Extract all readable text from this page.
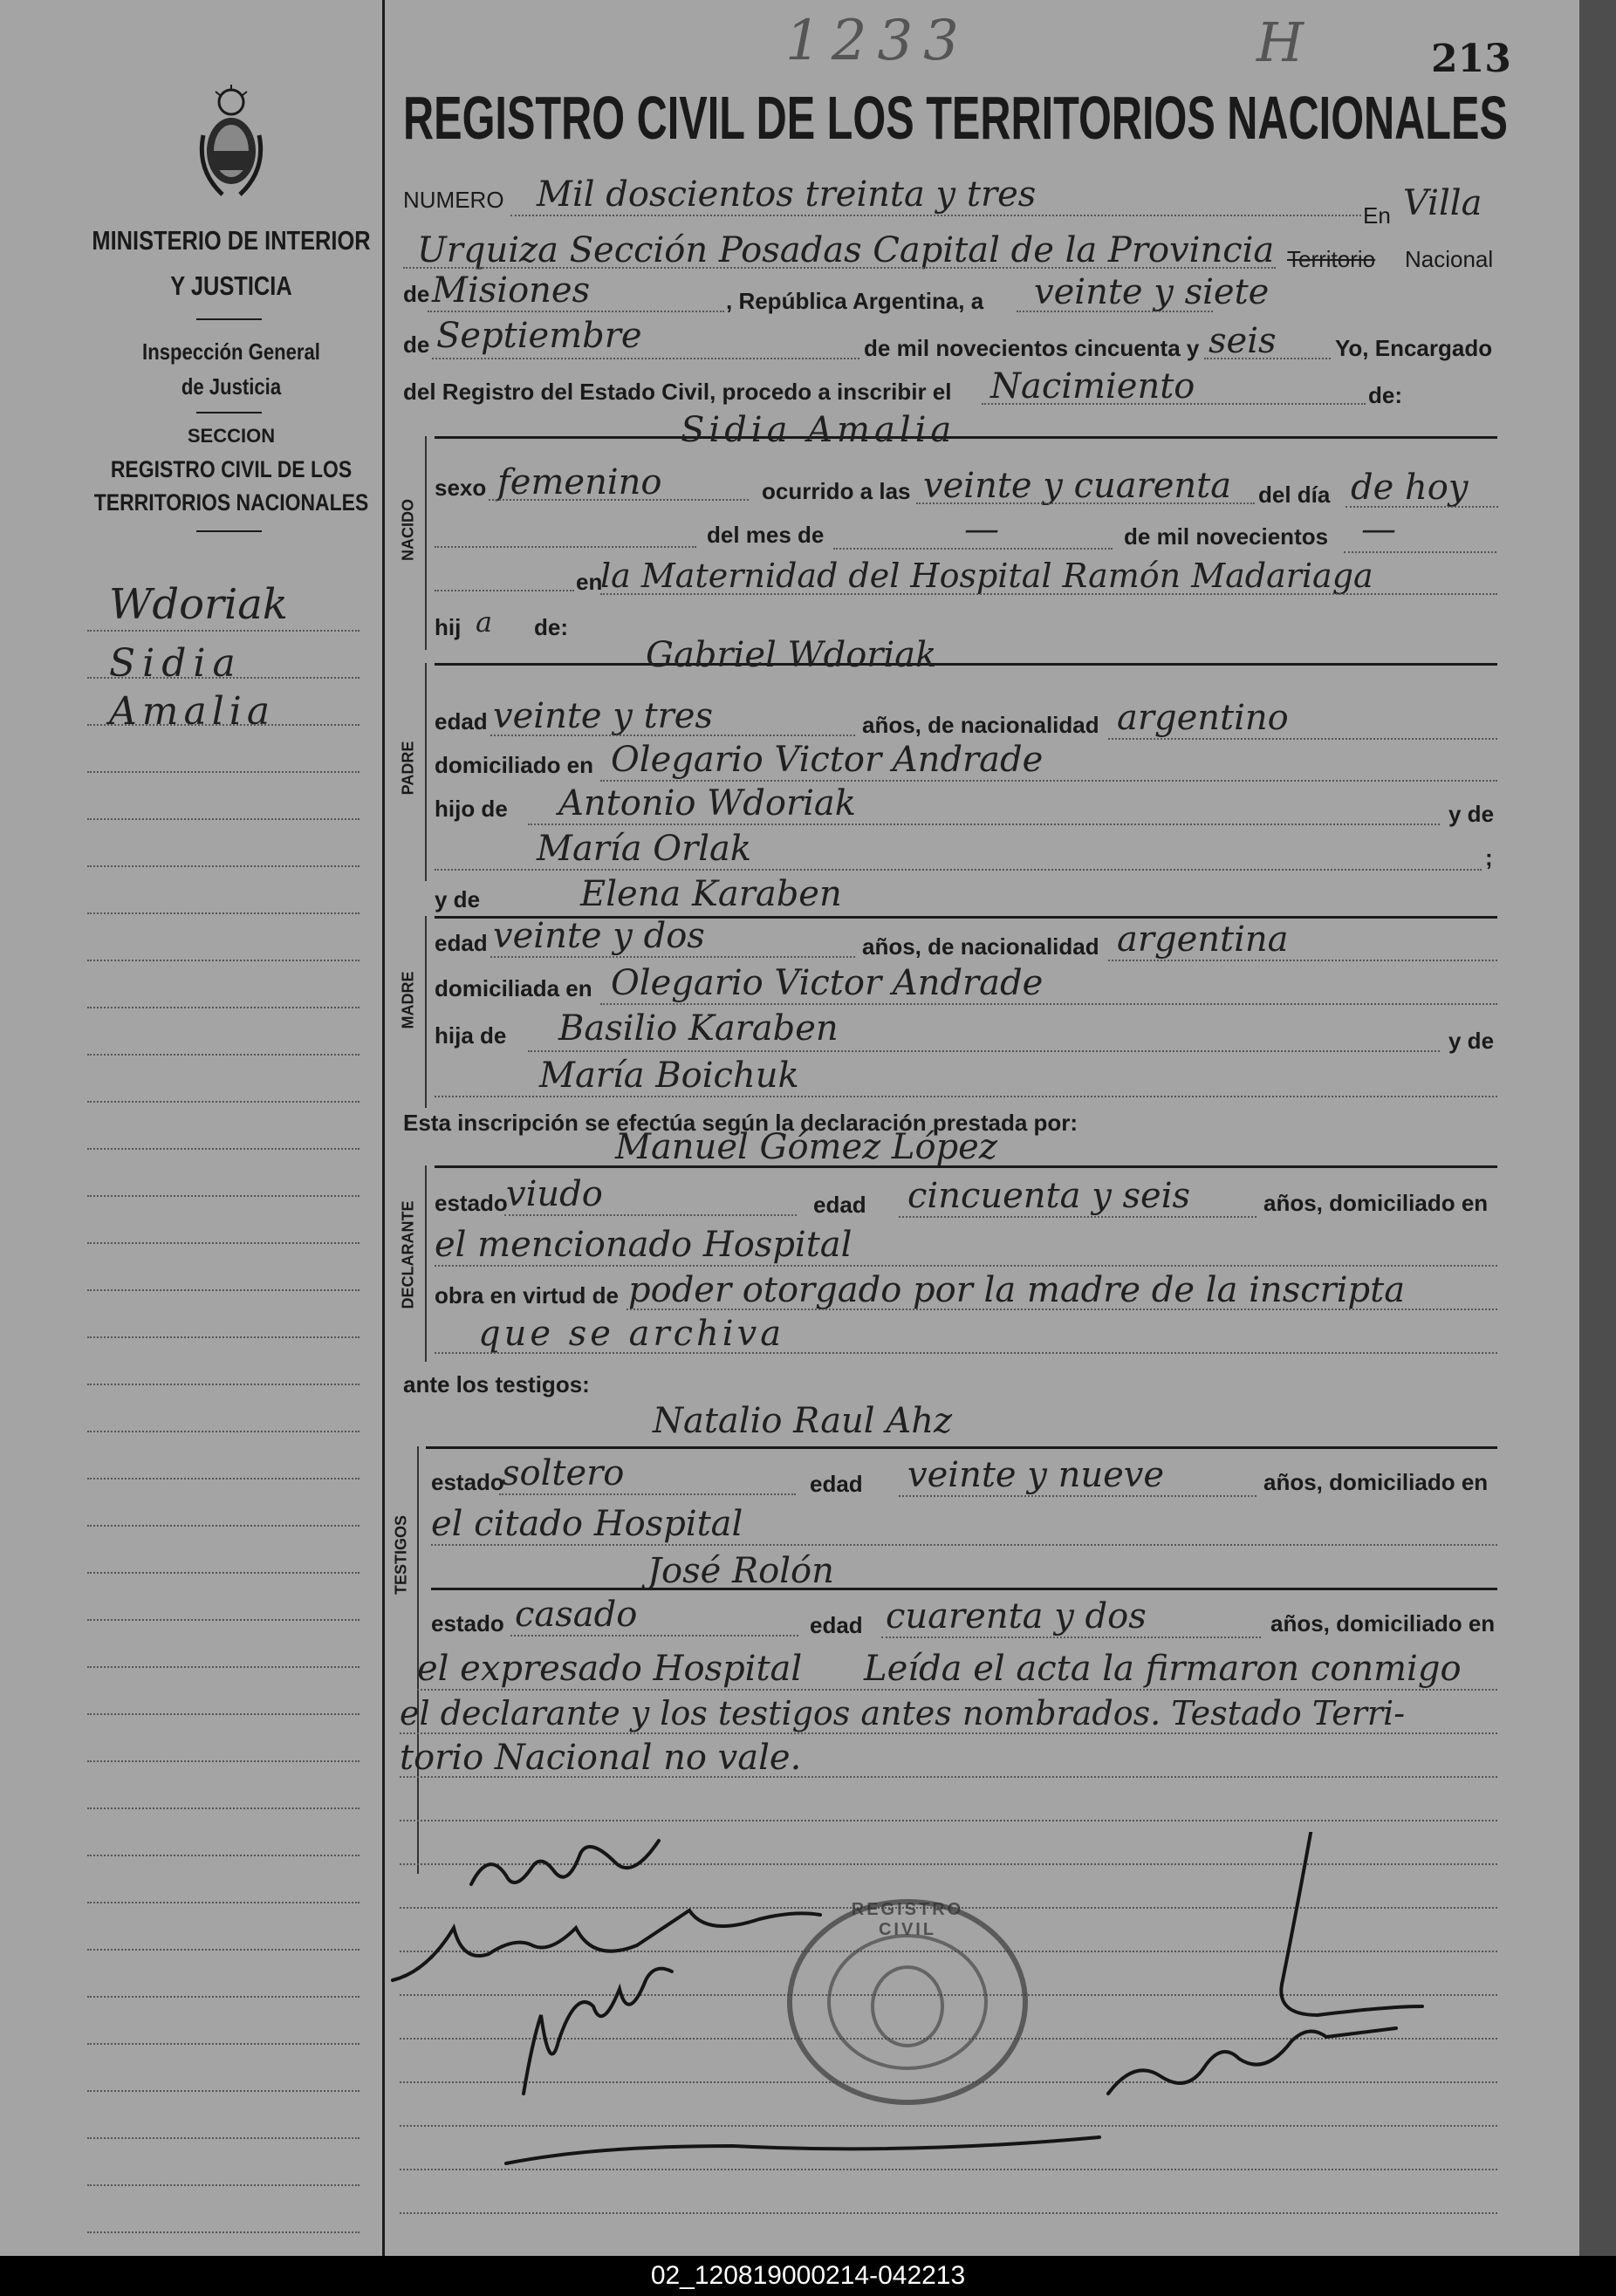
MINISTERIO DE INTERIOR
Y JUSTICIA
Inspección General
de Justicia
SECCION
REGISTRO CIVIL DE LOS
TERRITORIOS NACIONALES
Wdoriak
Sidia
Amalia
1233	H	213
REGISTRO CIVIL DE LOS TERRITORIOS NACIONALES
NUMERO Mil doscientos treinta y tres
En Villa
Urquiza Sección Posadas Capital de la Provincia Territorio Nacional
de Misiones	, República Argentina, a veinte y siete
de Septiembre	de mil novecientos cincuenta y seis	Yo, Encargado
del Registro del Estado Civil, procedo a inscribir el Nacimiento	de:
NACIDO
Sidia Amalia
sexo femenino	ocurrido a las veinte y cuarenta del día de hoy
del mes de	—	de mil novecientos —
en
la Maternidad del Hospital Ramón Madariaga
hij a de:
PADRE
Gabriel Wdoriak
edad veinte y tres	años, de nacionalidad argentino
domiciliado en Olegario Victor Andrade
hijo de Antonio Wdoriak	y de
María Orlak	;
y de	Elena Karaben
MADRE
edad veinte y dos	años, de nacionalidad argentina
domiciliada en Olegario Victor Andrade
hija de Basilio Karaben	y de
María Boichuk
Esta inscripción se efectúa según la declaración prestada por:
Manuel Gómez López
DECLARANTE estado
viudo	edad cincuenta y seis	años, domiciliado en
el mencionado Hospital
obra en virtud de poder otorgado por la madre de la inscripta
que se archiva
ante los testigos:
Natalio Raul Ahz
TESTIGOS
estado
soltero	edad veinte y nueve	años, domiciliado en
el citado Hospital
José Rolón
estado casado	edad cuarenta y dos	años, domiciliado en
el expresado Hospital Leída el acta la firmaron conmigo
el declarante y los testigos antes nombrados. Testado Terri-
torio Nacional no vale.
REGISTRO CIVIL
02_120819000214-042213
